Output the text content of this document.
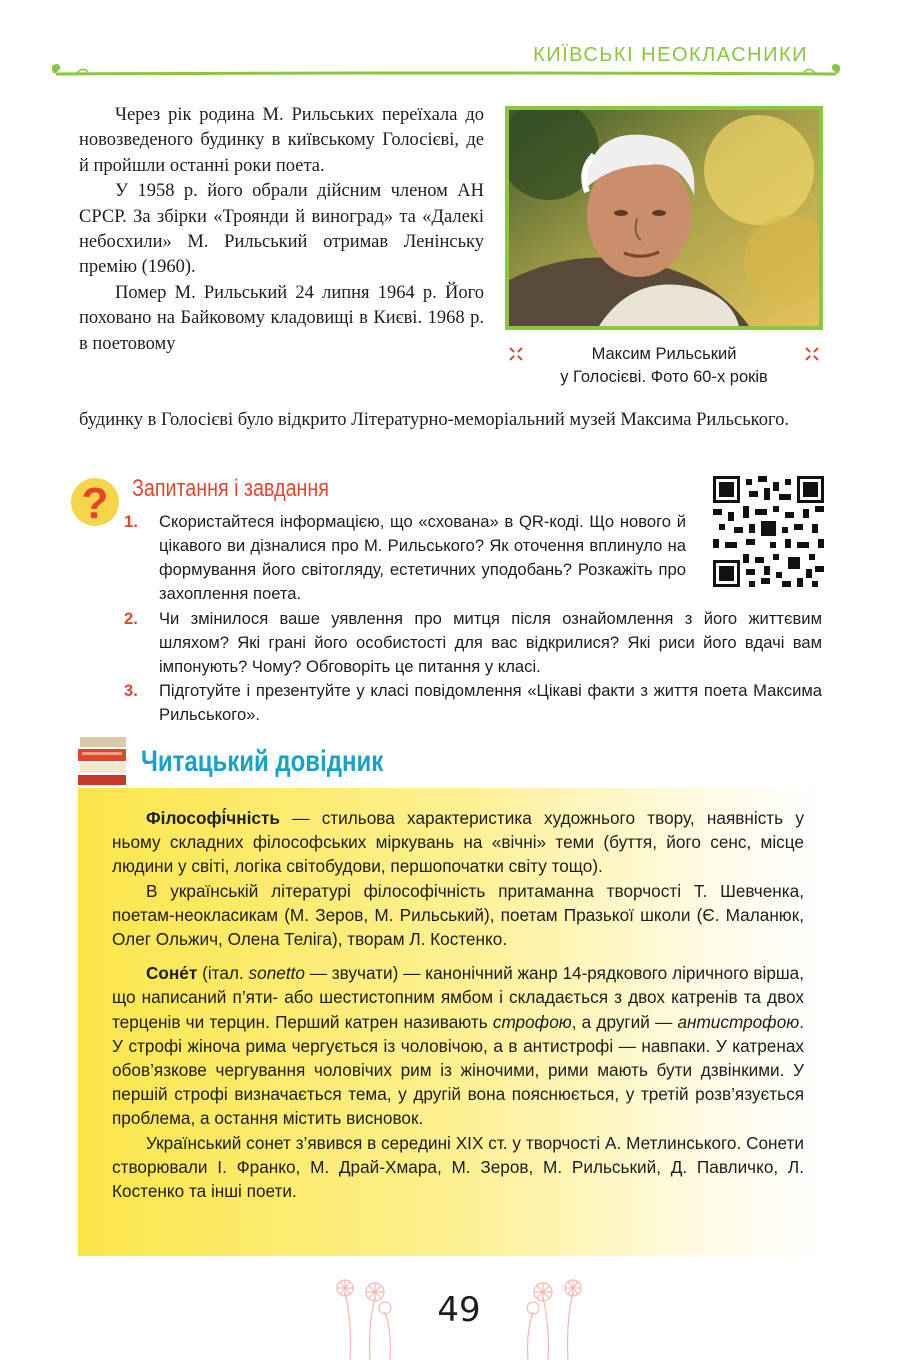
КИЇВСЬКІ НЕОКЛАСНИКИ

Через рік родина М. Рильських переїхала до новозведеного будинку в київському Голосієві, де й пройшли останні роки поета.

У 1958 р. його обрали дійсним членом АН СРСР. За збірки «Троянди й виноград» та «Далекі небосхили» М. Рильський отримав Ленінську премію (1960).

Помер М. Рильський 24 липня 1964 р. Його поховано на Байковому кладовищі в Києві. 1968 р. в поетовому

будинку в Голосієві було відкрито Літературно-меморіальний музей Максима Рильського.
Максим Рильський
у Голосієві. Фото 60-х років
? Запитання і завдання
1. Скористайтеся інформацією, що «схована» в QR-коді. Що нового й цікавого ви дізналися про М. Рильського? Як оточення вплинуло на формування його світогляду, естетичних уподобань? Розкажіть про захоплення поета.
2. Чи змінилося ваше уявлення про митця після ознайомлення з його життєвим шляхом? Які грані його особистості для вас відкрилися? Які риси його вдачі вам імпонують? Чому? Обговоріть це питання у класі.
3. Підготуйте і презентуйте у класі повідомлення «Цікаві факти з життя поета Максима Рильського».
Читацький довідник

Філософі́чність — стильова характеристика художнього твору, наявність у ньому складних філософських міркувань на «вічні» теми (буття, його сенс, місце людини у світі, логіка світобудови, першопочатки світу тощо).

В українській літературі філософічність притаманна творчості Т. Шевченка, поетам-неокласикам (М. Зеров, М. Рильський), поетам Празької школи (Є. Маланюк, Олег Ольжич, Олена Теліга), творам Л. Костенко.

Соне́т (італ. sonetto — звучати) — канонічний жанр 14-рядкового ліричного вірша, що написаний п’яти- або шестистопним ямбом і складається з двох катренів та двох терценів чи терцин. Перший катрен називають строфою, а другий — антистрофою. У строфі жіноча рима чергується із чоловічою, а в антистрофі — навпаки. У катренах обов’язкове чергування чоловічих рим із жіночими, рими мають бути дзвінкими. У першій строфі визначається тема, у другій вона пояснюється, у третій розв’язується проблема, а остання містить висновок.

Український сонет з’явився в середині XIX ст. у творчості А. Метлинського. Сонети створювали І. Франко, М. Драй-Хмара, М. Зеров, М. Рильський, Д. Павличко, Л. Костенко та інші поети.

49
